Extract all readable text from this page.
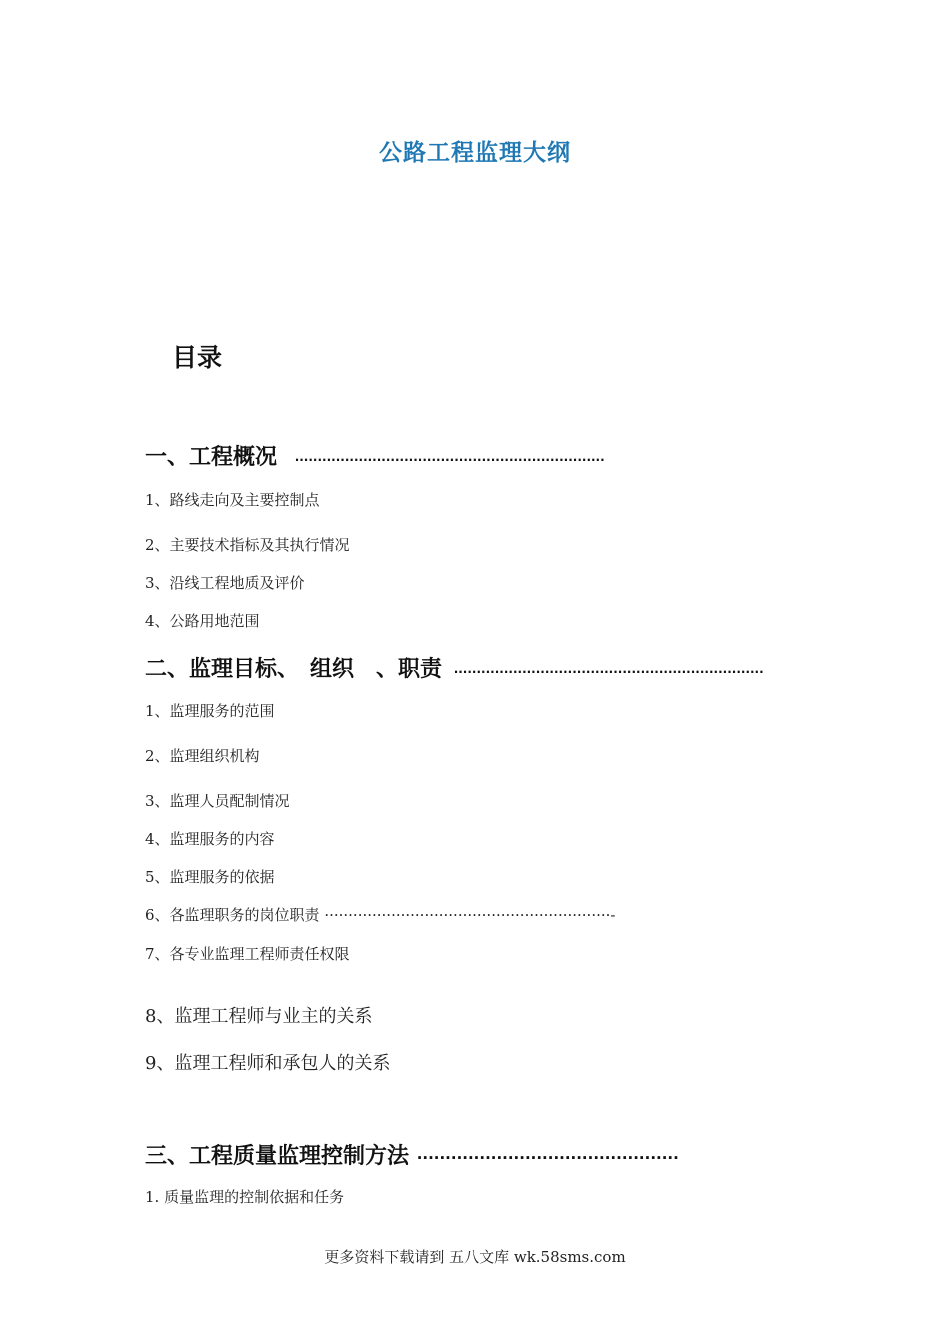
公路工程监理大纲
目录
一、工程概况 ····································································
1、路线走向及主要控制点
2、主要技术指标及其执行情况
3、沿线工程地质及评价
4、公路用地范围
二、监理目标、　组织　、职责 ····································································
1、监理服务的范围
2、监理组织机构
3、监理人员配制情况
4、监理服务的内容
5、监理服务的依据
6、各监理职务的岗位职责 ····························································-
7、各专业监理工程师责任权限
8、监理工程师与业主的关系
9、监理工程师和承包人的关系
三、工程质量监理控制方法 ··············································
1. 质量监理的控制依据和任务
更多资料下载请到 五八文库 wk.58sms.com
